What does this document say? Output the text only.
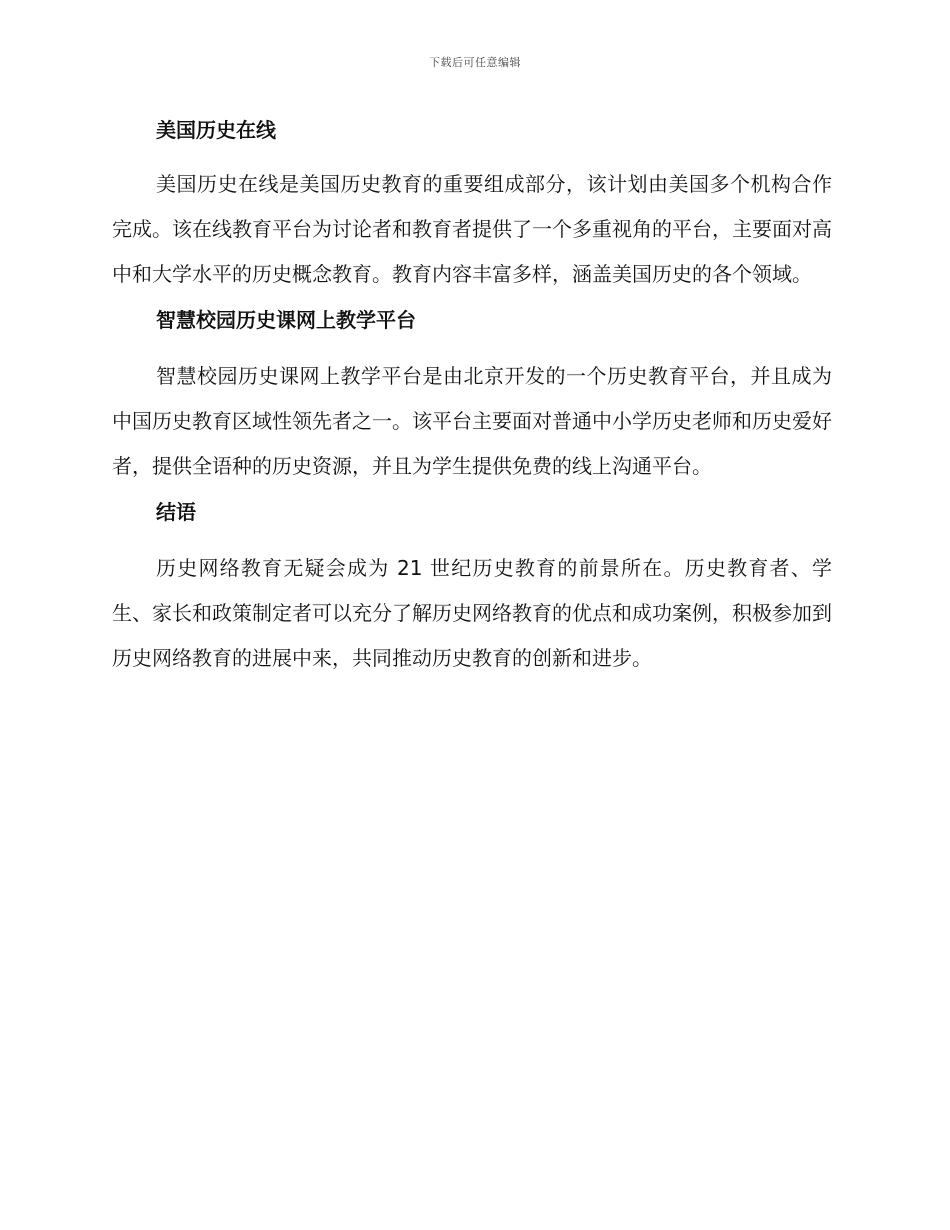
下载后可任意编辑
美国历史在线

美国历史在线是美国历史教育的重要组成部分，该计划由美国多个机构合作完成。该在线教育平台为讨论者和教育者提供了一个多重视角的平台，主要面对高中和大学水平的历史概念教育。教育内容丰富多样，涵盖美国历史的各个领域。

智慧校园历史课网上教学平台

智慧校园历史课网上教学平台是由北京开发的一个历史教育平台，并且成为中国历史教育区域性领先者之一。该平台主要面对普通中小学历史老师和历史爱好者，提供全语种的历史资源，并且为学生提供免费的线上沟通平台。

结语

历史网络教育无疑会成为 21 世纪历史教育的前景所在。历史教育者、学生、家长和政策制定者可以充分了解历史网络教育的优点和成功案例，积极参加到历史网络教育的进展中来，共同推动历史教育的创新和进步。
